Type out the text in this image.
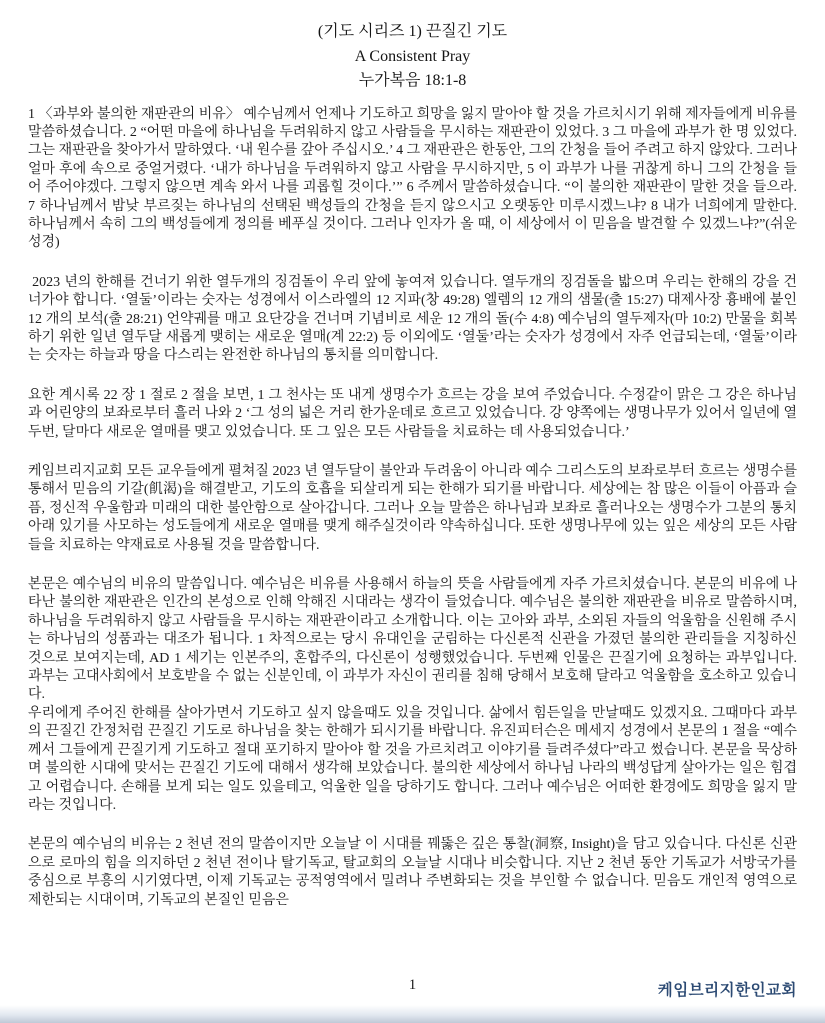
(기도 시리즈 1) 끈질긴 기도
A Consistent Pray
누가복음 18:1-8

1 〈과부와 불의한 재판관의 비유〉 예수님께서 언제나 기도하고 희망을 잃지 말아야 할 것을 가르치시기 위해 제자들에게 비유를 말씀하셨습니다. 2 “어떤 마을에 하나님을 두려워하지 않고 사람들을 무시하는 재판관이 있었다. 3 그 마을에 과부가 한 명 있었다. 그는 재판관을 찾아가서 말하였다. ‘내 원수를 갚아 주십시오.’ 4 그 재판관은 한동안, 그의 간청을 들어 주려고 하지 않았다. 그러나 얼마 후에 속으로 중얼거렸다. ‘내가 하나님을 두려워하지 않고 사람을 무시하지만, 5 이 과부가 나를 귀찮게 하니 그의 간청을 들어 주어야겠다. 그렇지 않으면 계속 와서 나를 괴롭힐 것이다.’” 6 주께서 말씀하셨습니다. “이 불의한 재판관이 말한 것을 들으라. 7 하나님께서 밤낮 부르짖는 하나님의 선택된 백성들의 간청을 듣지 않으시고 오랫동안 미루시겠느냐? 8 내가 너희에게 말한다. 하나님께서 속히 그의 백성들에게 정의를 베푸실 것이다. 그러나 인자가 올 때, 이 세상에서 이 믿음을 발견할 수 있겠느냐?”(쉬운성경)

2023 년의 한해를 건너기 위한 열두개의 징검돌이 우리 앞에 놓여져 있습니다. 열두개의 징검돌을 밟으며 우리는 한해의 강을 건너가야 합니다. ‘열둘’이라는 숫자는 성경에서 이스라엘의 12 지파(창 49:28) 엘렘의 12 개의 샘물(출 15:27) 대제사장 흉배에 붙인 12 개의 보석(출 28:21) 언약궤를 매고 요단강을 건너며 기념비로 세운 12 개의 돌(수 4:8) 예수님의 열두제자(마 10:2) 만물을 회복하기 위한 일년 열두달 새롭게 맺히는 새로운 열매(계 22:2) 등 이외에도 ‘열둘’라는 숫자가 성경에서 자주 언급되는데, ‘열둘’이라는 숫자는 하늘과 땅을 다스리는 완전한 하나님의 통치를 의미합니다.

요한 계시록 22 장 1 절로 2 절을 보면, 1 그 천사는 또 내게 생명수가 흐르는 강을 보여 주었습니다. 수정같이 맑은 그 강은 하나님과 어린양의 보좌로부터 흘러 나와 2 ‘그 성의 넓은 거리 한가운데로 흐르고 있었습니다. 강 양쪽에는 생명나무가 있어서 일년에 열두번, 달마다 새로운 열매를 맺고 있었습니다. 또 그 잎은 모든 사람들을 치료하는 데 사용되었습니다.’

케임브리지교회 모든 교우들에게 펼쳐질 2023 년 열두달이 불안과 두려움이 아니라 예수 그리스도의 보좌로부터 흐르는 생명수를 통해서 믿음의 기갈(飢渴)을 해결받고, 기도의 호흡을 되살리게 되는 한해가 되기를 바랍니다. 세상에는 참 많은 이들이 아픔과 슬픔, 정신적 우울함과 미래의 대한 불안함으로 살아갑니다. 그러나 오늘 말씀은 하나님과 보좌로 흘러나오는 생명수가 그분의 통치아래 있기를 사모하는 성도들에게 새로운 열매를 맺게 해주실것이라 약속하십니다. 또한 생명나무에 있는 잎은 세상의 모든 사람들을 치료하는 약재료로 사용될 것을 말씀합니다.

본문은 예수님의 비유의 말씀입니다. 예수님은 비유를 사용해서 하늘의 뜻을 사람들에게 자주 가르치셨습니다. 본문의 비유에 나타난 불의한 재판관은 인간의 본성으로 인해 악해진 시대라는 생각이 들었습니다. 예수님은 불의한 재판관을 비유로 말씀하시며, 하나님을 두려워하지 않고 사람들을 무시하는 재판관이라고 소개합니다. 이는 고아와 과부, 소외된 자들의 억울함을 신원해 주시는 하나님의 성품과는 대조가 됩니다. 1 차적으로는 당시 유대인을 군림하는 다신론적 신관을 가졌던 불의한 관리들을 지칭하신 것으로 보여지는데, AD 1 세기는 인본주의, 혼합주의, 다신론이 성행했었습니다. 두번째 인물은 끈질기에 요청하는 과부입니다. 과부는 고대사회에서 보호받을 수 없는 신분인데, 이 과부가 자신이 권리를 침해 당해서 보호해 달라고 억울함을 호소하고 있습니다.

우리에게 주어진 한해를 살아가면서 기도하고 싶지 않을때도 있을 것입니다. 삶에서 힘든일을 만날때도 있겠지요. 그때마다 과부의 끈질긴 간정처럼 끈질긴 기도로 하나님을 찾는 한해가 되시기를 바랍니다. 유진피터슨은 메세지 성경에서 본문의 1 절을 “예수께서 그들에게 끈질기게 기도하고 절대 포기하지 말아야 할 것을 가르치려고 이야기를 들려주셨다”라고 썼습니다. 본문을 묵상하며 불의한 시대에 맞서는 끈질긴 기도에 대해서 생각해 보았습니다. 불의한 세상에서 하나님 나라의 백성답게 살아가는 일은 힘겹고 어렵습니다. 손해를 보게 되는 일도 있을테고, 억울한 일을 당하기도 합니다. 그러나 예수님은 어떠한 환경에도 희망을 잃지 말라는 것입니다.

본문의 예수님의 비유는 2 천년 전의 말씀이지만 오늘날 이 시대를 꿰뚫은 깊은 통찰(洞察, Insight)을 담고 있습니다. 다신론 신관으로 로마의 힘을 의지하던 2 천년 전이나 탈기독교, 탈교회의 오늘날 시대나 비슷합니다. 지난 2 천년 동안 기독교가 서방국가를 중심으로 부흥의 시기였다면, 이제 기독교는 공적영역에서 밀려나 주변화되는 것을 부인할 수 없습니다. 믿음도 개인적 영역으로 제한되는 시대이며, 기독교의 본질인 믿음은

1	케임브리지한인교회
